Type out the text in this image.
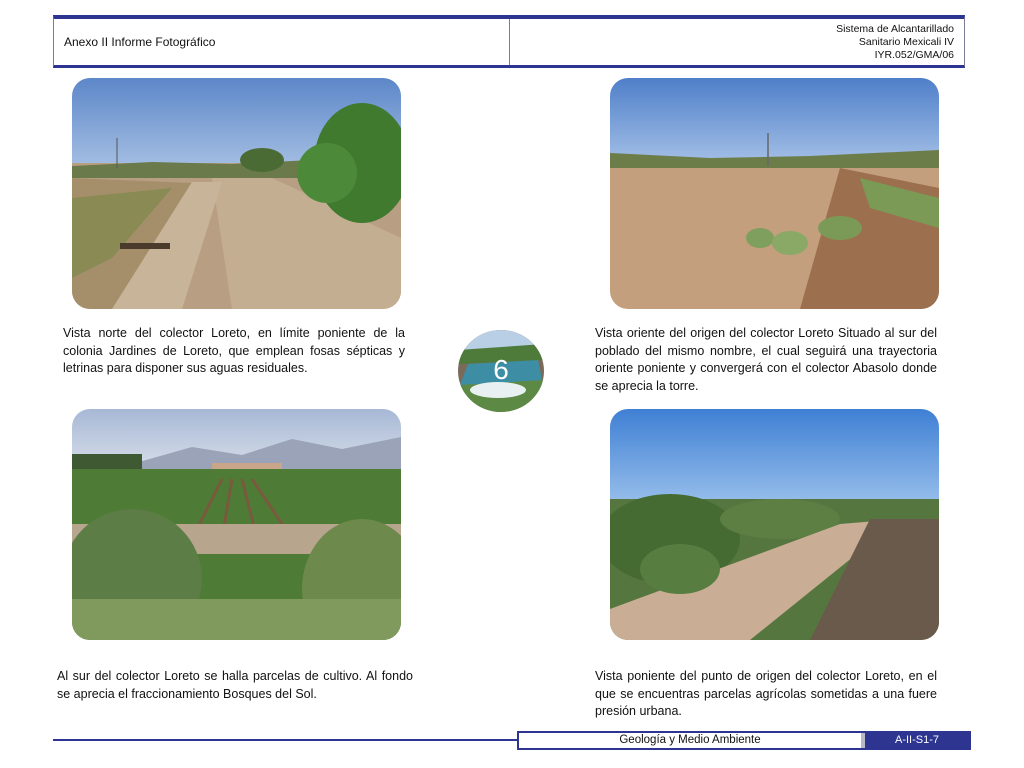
Anexo II Informe Fotográfico
Sistema de Alcantarillado
Sanitario Mexicali IV
IYR.052/GMA/06
Vista norte del colector Loreto, en límite poniente de la colonia Jardines de Loreto, que emplean fosas sépticas y letrinas para disponer sus aguas residuales.	6
Vista oriente del origen del colector Loreto Situado al sur del poblado del mismo nombre, el cual seguirá una trayectoria oriente poniente y convergerá con el colector Abasolo donde se aprecia la torre.
Al sur del colector Loreto se halla parcelas de cultivo. Al fondo se aprecia el fraccionamiento Bosques del Sol.
Vista poniente del punto de origen del colector Loreto, en el que se encuentras parcelas agrícolas sometidas a una fuere presión urbana.
Geología y Medio Ambiente	A-II-S1-7
